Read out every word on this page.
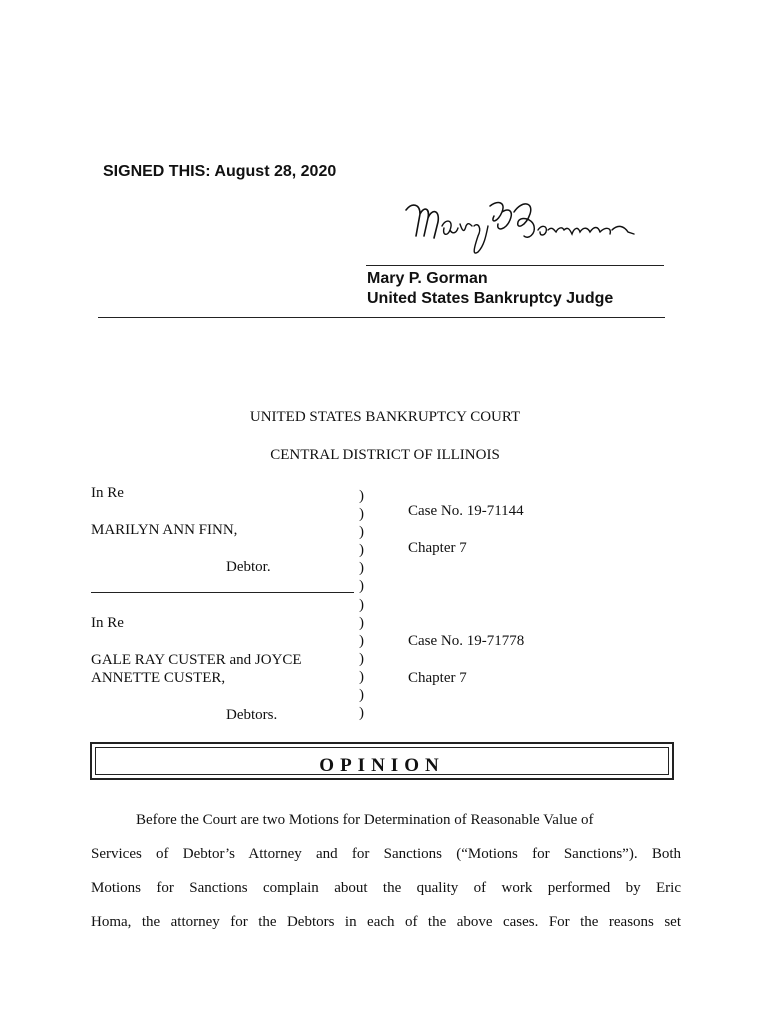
SIGNED THIS: August 28, 2020
Mary P. Gorman
United States Bankruptcy Judge
UNITED STATES BANKRUPTCY COURT
CENTRAL DISTRICT OF ILLINOIS
In Re
MARILYN ANN FINN,
Debtor.
Case No. 19-71144
Chapter 7
In Re
GALE RAY CUSTER and JOYCE
ANNETTE CUSTER,
Debtors.
Case No. 19-71778
Chapter 7
)
)
)
)
)
)
)
)
)
)
)
)
)
OPINION
Before the Court are two Motions for Determination of Reasonable Value of
Services of Debtor’s Attorney and for Sanctions (“Motions for Sanctions”). Both
Motions for Sanctions complain about the quality of work performed by Eric
Homa, the attorney for the Debtors in each of the above cases. For the reasons set
